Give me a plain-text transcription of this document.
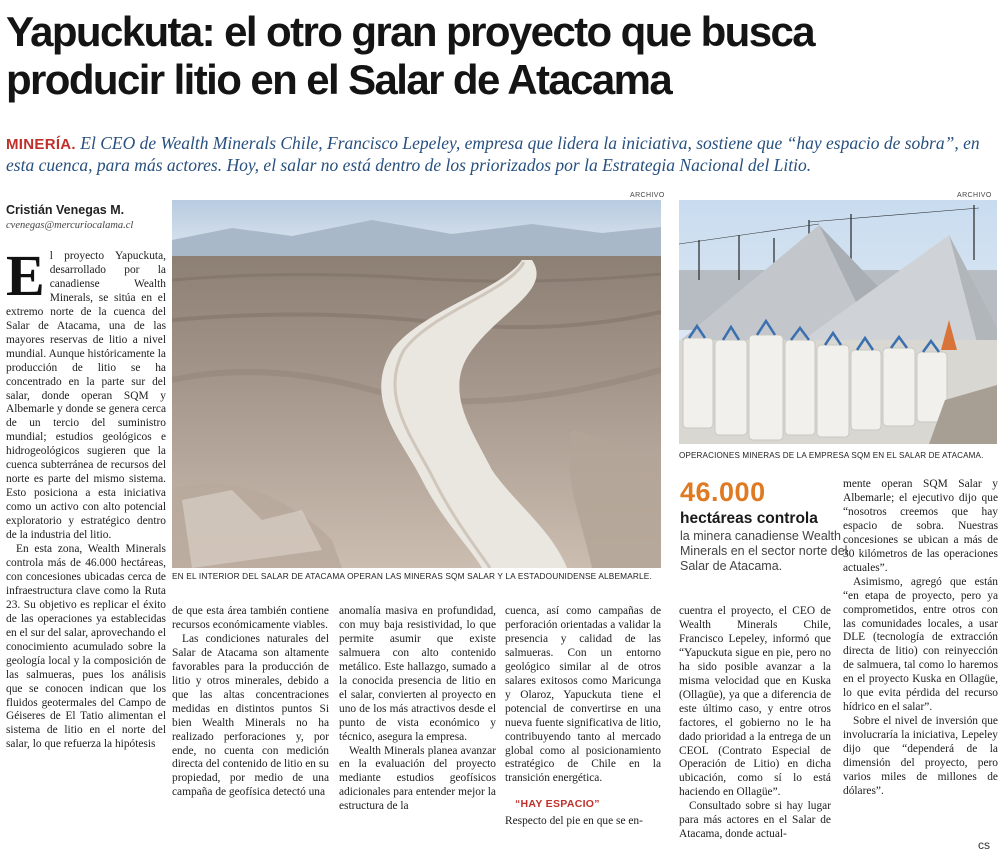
Yapuckuta: el otro gran proyecto que busca
producir litio en el Salar de Atacama
MINERÍA. El CEO de Wealth Minerals Chile, Francisco Lepeley, empresa que lidera la iniciativa, sostiene que “hay espacio de sobra”, en esta cuenca, para más actores. Hoy, el salar no está dentro de los priorizados por la Estrategia Nacional del Litio.
Cristián Venegas M.
cvenegas@mercuriocalama.cl
ARCHIVO
EN EL INTERIOR DEL SALAR DE ATACAMA OPERAN LAS MINERAS SQM SALAR Y LA ESTADOUNIDENSE ALBEMARLE.
ARCHIVO
OPERACIONES MINERAS DE LA EMPRESA SQM EN EL SALAR DE ATACAMA.
46.000
hectáreas controla
la minera canadiense Wealth Minerals en el sector norte del Salar de Atacama.

El proyecto Yapuckuta, desarrollado por la canadiense Wealth Minerals, se sitúa en el extremo norte de la cuenca del Salar de Atacama, una de las mayores reservas de litio a nivel mundial. Aunque históricamente la producción de litio se ha concentrado en la parte sur del salar, donde operan SQM y Albemarle y donde se genera cerca de un tercio del suministro mundial; estudios geológicos e hidrogeológicos sugieren que la cuenca subterránea de recursos del norte es parte del mismo sistema. Esto posiciona a esta iniciativa como un activo con alto potencial exploratorio y estratégico dentro de la industria del litio.

En esta zona, Wealth Minerals controla más de 46.000 hectáreas, con concesiones ubicadas cerca de infraestructura clave como la Ruta 23. Su objetivo es replicar el éxito de las operaciones ya establecidas en el sur del salar, aprovechando el conocimiento acumulado sobre la geología local y la composición de las salmueras, pues los análisis que se conocen indican que los fluidos geotermales del Campo de Géiseres de El Tatio alimentan el sistema de litio en el norte del salar, lo que refuerza la hipótesis

de que esta área también contiene recursos económicamente viables.

Las condiciones naturales del Salar de Atacama son altamente favorables para la producción de litio y otros minerales, debido a que las altas concentraciones medidas en distintos puntos Si bien Wealth Minerals no ha realizado perforaciones y, por ende, no cuenta con medición directa del contenido de litio en su propiedad, por medio de una campaña de geofísica detectó una

anomalía masiva en profundidad, con muy baja resistividad, lo que permite asumir que existe salmuera con alto contenido metálico. Este hallazgo, sumado a la conocida presencia de litio en el salar, convierten al proyecto en uno de los más atractivos desde el punto de vista económico y técnico, asegura la empresa.

Wealth Minerals planea avanzar en la evaluación del proyecto mediante estudios geofísicos adicionales para entender mejor la estructura de la

cuenca, así como campañas de perforación orientadas a validar la presencia y calidad de las salmueras. Con un entorno geológico similar al de otros salares exitosos como Maricunga y Olaroz, Yapuckuta tiene el potencial de convertirse en una nueva fuente significativa de litio, contribuyendo tanto al mercado global como al posicionamiento estratégico de Chile en la transición energética.

“HAY ESPACIO”

Respecto del pie en que se en-

cuentra el proyecto, el CEO de Wealth Minerals Chile, Francisco Lepeley, informó que “Yapuckuta sigue en pie, pero no ha sido posible avanzar a la misma velocidad que en Kuska (Ollagüe), ya que a diferencia de este último caso, y entre otros factores, el gobierno no le ha dado prioridad a la entrega de un CEOL (Contrato Especial de Operación de Litio) en dicha ubicación, como sí lo está haciendo en Ollagüe”.

Consultado sobre si hay lugar para más actores en el Salar de Atacama, donde actual-

mente operan SQM Salar y Albemarle; el ejecutivo dijo que “nosotros creemos que hay espacio de sobra. Nuestras concesiones se ubican a más de 30 kilómetros de las operaciones actuales”.

Asimismo, agregó que están “en etapa de proyecto, pero ya comprometidos, entre otros con las comunidades locales, a usar DLE (tecnología de extracción directa de litio) con reinyección de salmuera, tal como lo haremos en el proyecto Kuska en Ollagüe, lo que evita pérdida del recurso hídrico en el salar”.

Sobre el nivel de inversión que involucraría la iniciativa, Lepeley dijo que “dependerá de la dimensión del proyecto, pero varios miles de millones de dólares”.

cs
